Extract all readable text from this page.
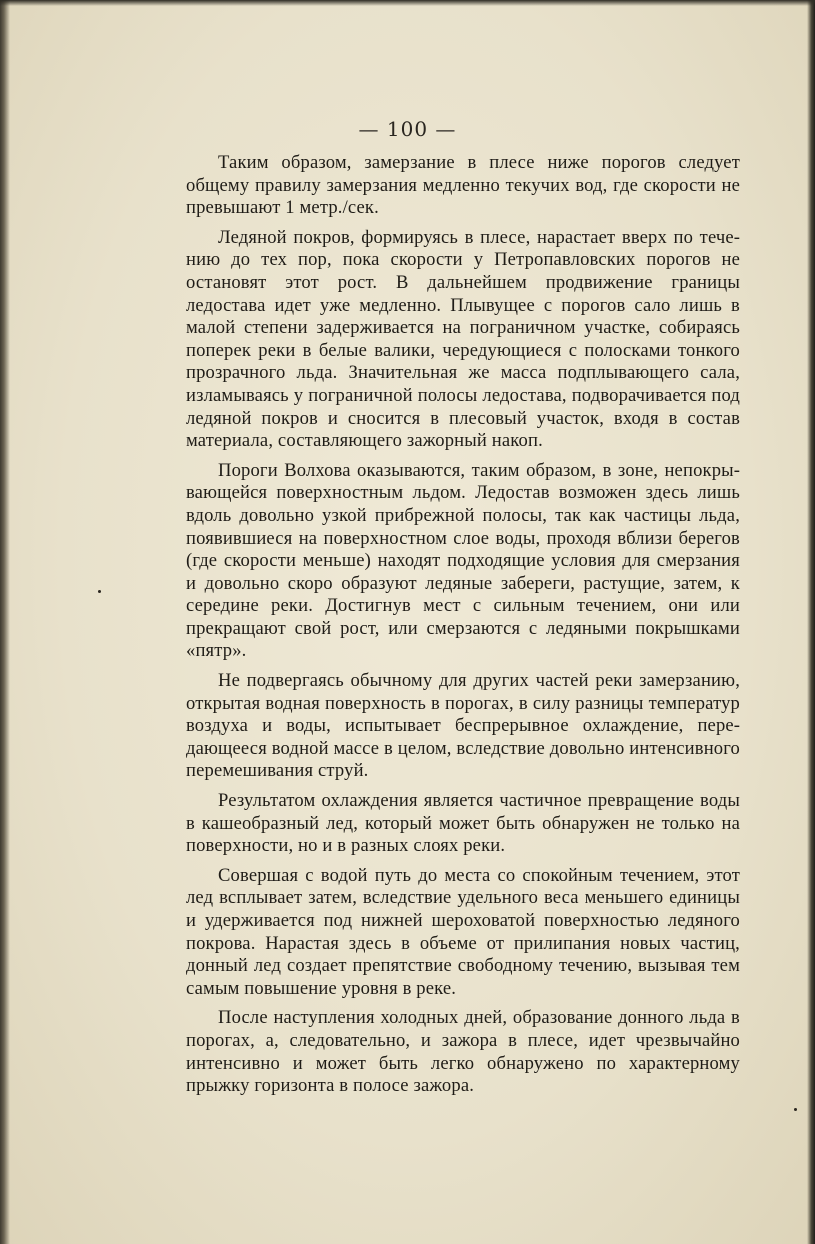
— 100 —

Таким образом, замерзание в плесе ниже порогов следует общему правилу замерзания медленно текучих вод, где скорости не превышают 1 метр./сек.

Ледяной покров, формируясь в плесе, нарастает вверх по течению до тех пор, пока скорости у Петропавловских порогов не остановят этот рост. В дальнейшем продвижение границы ледостава идет уже медленно. Плывущее с порогов сало лишь в малой степени задерживается на пограничном участке, собираясь поперек реки в белые валики, чередующиеся с полосками тонкого прозрачного льда. Значительная же масса подплывающего сала, изламываясь у пограничной полосы ледостава, подворачивается под ледяной покров и сносится в плесовый участок, входя в состав материала, составляющего зажорный накоп.

Пороги Волхова оказываются, таким образом, в зоне, непокрывающейся поверхностным льдом. Ледостав возможен здесь лишь вдоль довольно узкой прибрежной полосы, так как частицы льда, появившиеся на поверхностном слое воды, проходя вблизи берегов (где скорости меньше) находят подходящие условия для смерзания и довольно скоро образуют ледяные забереги, растущие, затем, к середине реки. Достигнув мест с сильным течением, они или прекращают свой рост, или смерзаются с ледяными покрышками «пятр».

Не подвергаясь обычному для других частей реки замерзанию, открытая водная поверхность в порогах, в силу разницы температур воздуха и воды, испытывает беспрерывное охлаждение, передающееся водной массе в целом, вследствие довольно интенсивного перемешивания струй.

Результатом охлаждения является частичное превращение воды в кашеобразный лед, который может быть обнаружен не только на поверхности, но и в разных слоях реки.

Совершая с водой путь до места со спокойным течением, этот лед всплывает затем, вследствие удельного веса меньшего единицы и удерживается под нижней шероховатой поверхностью ледяного покрова. Нарастая здесь в объеме от прилипания новых частиц, донный лед создает препятствие свободному течению, вызывая тем самым повышение уровня в реке.

После наступления холодных дней, образование донного льда в порогах, а, следовательно, и зажора в плесе, идет чрезвычайно интенсивно и может быть легко обнаружено по характерному прыжку горизонта в полосе зажора.
